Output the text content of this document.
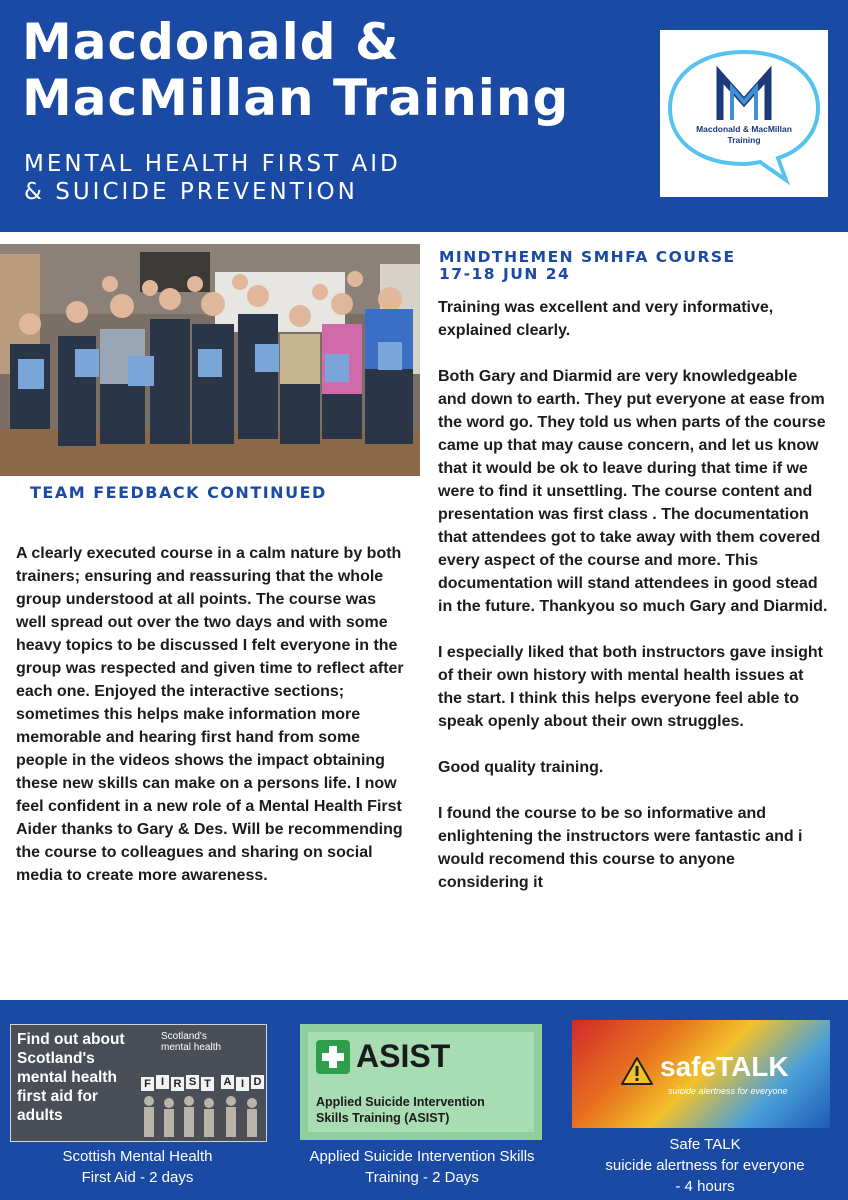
Macdonald & MacMillan Training
MENTAL HEALTH FIRST AID
& SUICIDE PREVENTION
Macdonald & MacMillan
Training
TEAM FEEDBACK CONTINUED
A clearly executed course in a calm nature by both trainers; ensuring and reassuring that the whole group understood at all points. The course was well spread out over the two days and with some heavy topics to be discussed I felt everyone in the group was respected and given time to reflect after each one. Enjoyed the interactive sections; sometimes this helps make information more memorable and hearing first hand from some people in the videos shows the impact obtaining these new skills can make on a persons life. I now feel confident in a new role of a Mental Health First Aider thanks to Gary & Des. Will be recommending the course to colleagues and sharing on social media to create more awareness.
MINDTHEMEN SMHFA COURSE
17-18 JUN 24

Training was excellent and very informative, explained clearly.

Both Gary and Diarmid are very knowledgeable and down to earth. They put everyone at ease from the word go. They told us when parts of the course came up that may cause concern, and let us know that it would be ok to leave during that time if we were to find it unsettling. The course content and presentation was first class . The documentation that attendees got to take away with them covered every aspect of the course and more. This documentation will stand attendees in good stead in the future. Thankyou so much Gary and Diarmid.

I especially liked that both instructors gave insight of their own history with mental health issues at the start. I think this helps everyone feel able to speak openly about their own struggles.

Good quality training.

I found the course to be so informative and enlightening the instructors were fantastic and i would recomend this course to anyone considering it

Find out about
Scotland's
mental health
first aid for
adults
Scotland's
mental health
F I R S T A I D
Scottish Mental Health
First Aid - 2 days
ASIST
Applied Suicide Intervention
Skills Training (ASIST)
Applied Suicide Intervention Skills
Training - 2 Days
safeTALK
suicide alertness for everyone
Safe TALK
suicide alertness for everyone
- 4 hours
